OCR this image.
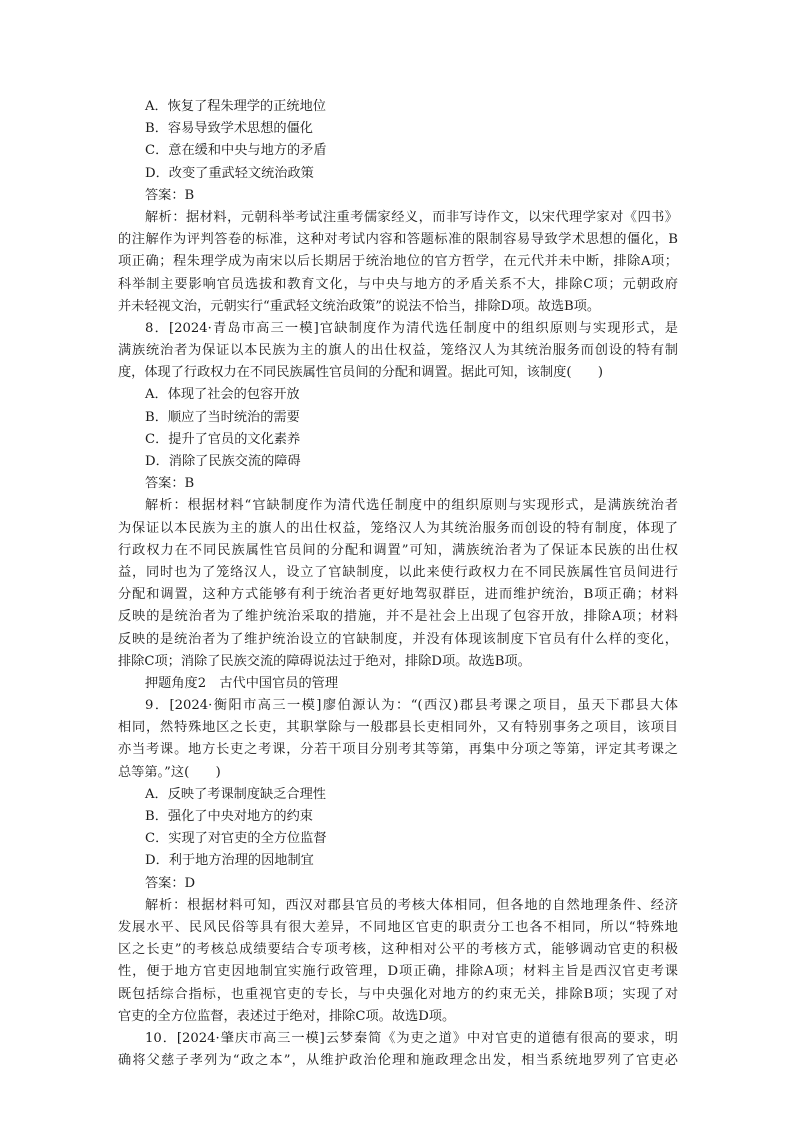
A．恢复了程朱理学的正统地位
B．容易导致学术思想的僵化
C．意在缓和中央与地方的矛盾
D．改变了重武轻文统治政策
答案：B
解析：据材料，元朝科举考试注重考儒家经义，而非写诗作文，以宋代理学家对《四书》
的注解作为评判答卷的标准，这种对考试内容和答题标准的限制容易导致学术思想的僵化，B
项正确；程朱理学成为南宋以后长期居于统治地位的官方哲学，在元代并未中断，排除A项；
科举制主要影响官员选拔和教育文化，与中央与地方的矛盾关系不大，排除C项；元朝政府
并未轻视文治，元朝实行“重武轻文统治政策”的说法不恰当，排除D项。故选B项。
8．[2024·青岛市高三一模]官缺制度作为清代选任制度中的组织原则与实现形式，是
满族统治者为保证以本民族为主的旗人的出仕权益，笼络汉人为其统治服务而创设的特有制
度，体现了行政权力在不同民族属性官员间的分配和调置。据此可知，该制度(　　)
A．体现了社会的包容开放
B．顺应了当时统治的需要
C．提升了官员的文化素养
D．消除了民族交流的障碍
答案：B
解析：根据材料“官缺制度作为清代选任制度中的组织原则与实现形式，是满族统治者
为保证以本民族为主的旗人的出仕权益，笼络汉人为其统治服务而创设的特有制度，体现了
行政权力在不同民族属性官员间的分配和调置”可知，满族统治者为了保证本民族的出仕权
益，同时也为了笼络汉人，设立了官缺制度，以此来使行政权力在不同民族属性官员间进行
分配和调置，这种方式能够有利于统治者更好地驾驭群臣，进而维护统治，B项正确；材料
反映的是统治者为了维护统治采取的措施，并不是社会上出现了包容开放，排除A项；材料
反映的是统治者为了维护统治设立的官缺制度，并没有体现该制度下官员有什么样的变化，
排除C项；消除了民族交流的障碍说法过于绝对，排除D项。故选B项。
押题角度2　古代中国官员的管理
9．[2024·衡阳市高三一模]廖伯源认为：“(西汉)郡县考课之项目，虽天下郡县大体
相同，然特殊地区之长吏，其职掌除与一般郡县长吏相同外，又有特别事务之项目，该项目
亦当考课。地方长吏之考课，分若干项目分别考其等第，再集中分项之等第，评定其考课之
总等第。”这(　　)
A．反映了考课制度缺乏合理性
B．强化了中央对地方的约束
C．实现了对官吏的全方位监督
D．利于地方治理的因地制宜
答案：D
解析：根据材料可知，西汉对郡县官员的考核大体相同，但各地的自然地理条件、经济
发展水平、民风民俗等具有很大差异，不同地区官吏的职责分工也各不相同，所以“特殊地
区之长吏”的考核总成绩要结合专项考核，这种相对公平的考核方式，能够调动官吏的积极
性，便于地方官吏因地制宜实施行政管理，D项正确，排除A项；材料主旨是西汉官吏考课
既包括综合指标，也重视官吏的专长，与中央强化对地方的约束无关，排除B项；实现了对
官吏的全方位监督，表述过于绝对，排除C项。故选D项。
10．[2024·肇庆市高三一模]云梦秦简《为吏之道》中对官吏的道德有很高的要求，明
确将父慈子孝列为“政之本”，从维护政治伦理和施政理念出发，相当系统地罗列了官吏必
